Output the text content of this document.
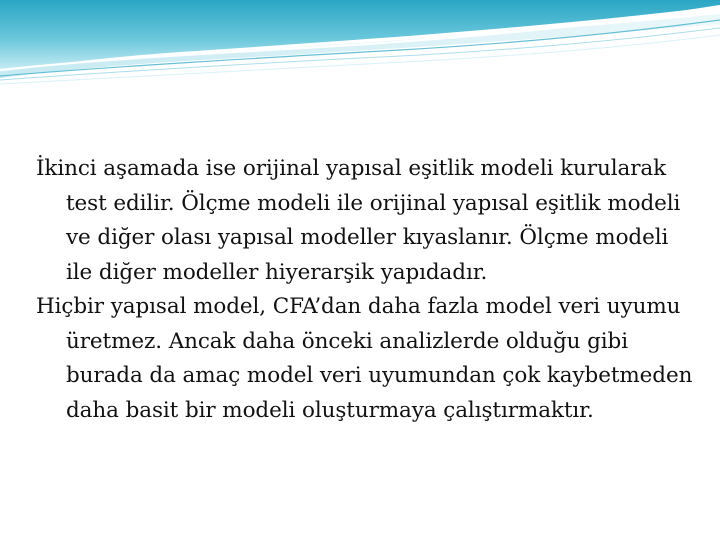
İkinci aşamada ise orijinal yapısal eşitlik modeli kurularak test edilir. Ölçme modeli ile orijinal yapısal eşitlik modeli ve diğer olası yapısal modeller kıyaslanır. Ölçme modeli ile diğer modeller hiyerarşik yapıdadır.

Hiçbir yapısal model, CFA’dan daha fazla model veri uyumu üretmez. Ancak daha önceki analizlerde olduğu gibi burada da amaç model veri uyumundan çok kaybetmeden daha basit bir modeli oluşturmaya çalıştırmaktır.
